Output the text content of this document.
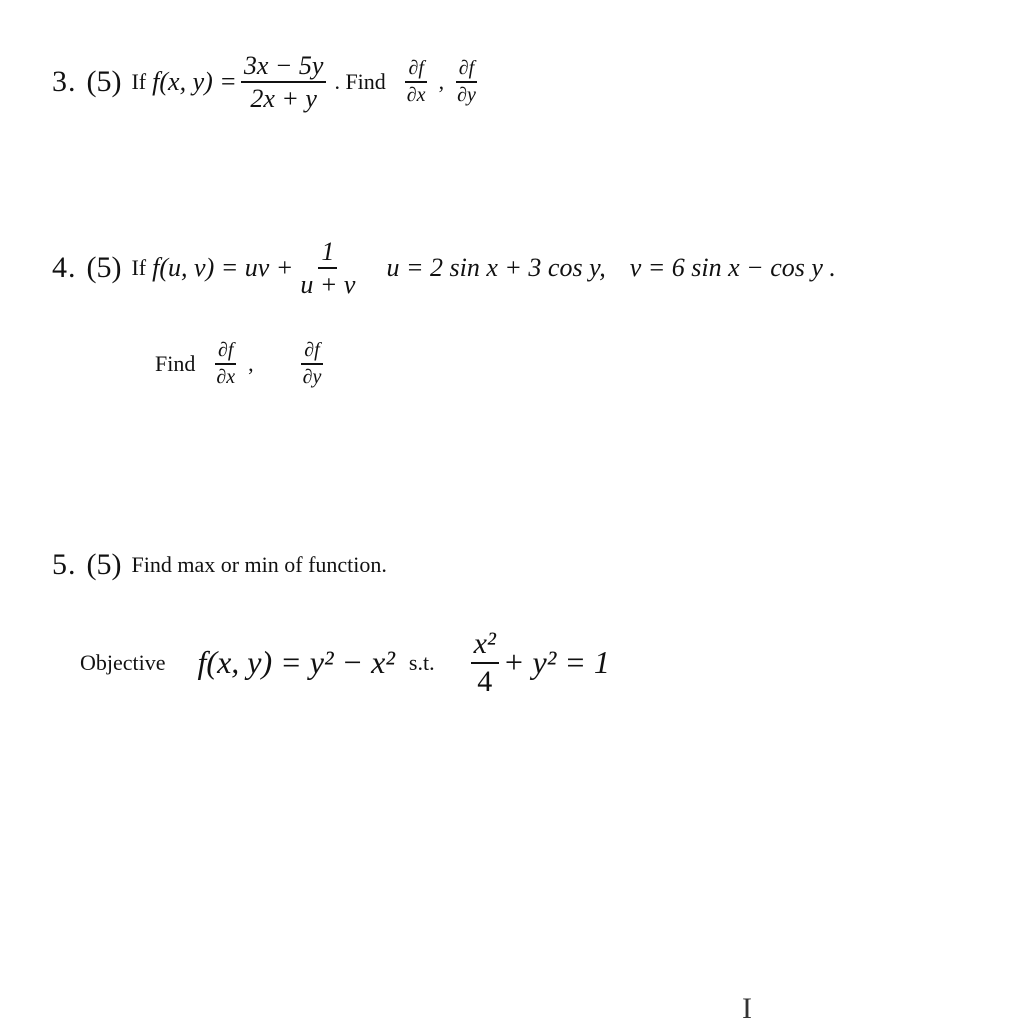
3. (5) If f(x, $y) = \frac{3x - 5y}{2x + y}$ . Find $\frac{\partial f}{\partial x}$ , $\frac{\partial f}{\partial y}$
4. (5) If f(u, v) = uv + $\frac{1}{u + v}$ u = 2 sin x + 3 cos y, v = 6 sin x − cos y .
Find $\frac{\partial f}{\partial x}$ , $\frac{\partial f}{\partial y}$
5. (5) Find max or min of function.
Objective f(x, y) = y² − x² s.t. $\frac{\text{x²}}{4} + y^2 = 1$
I
